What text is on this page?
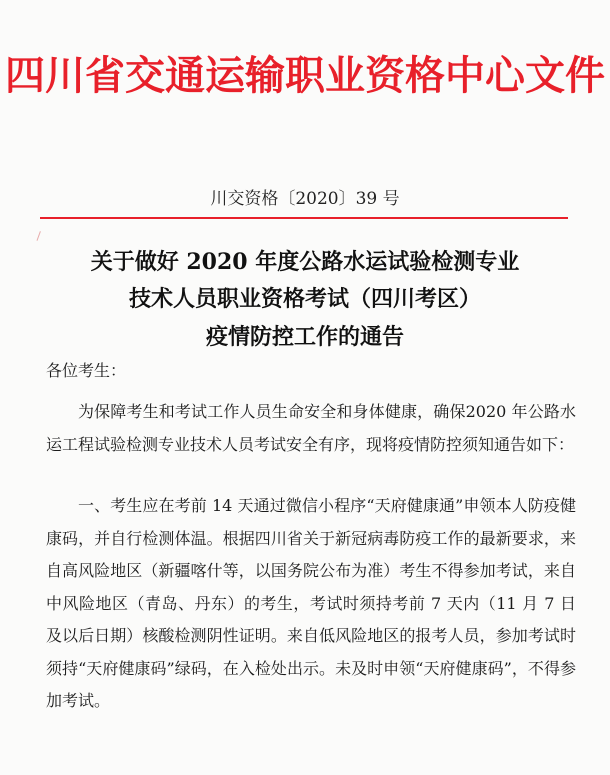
四川省交通运输职业资格中心文件
川交资格〔2020〕39 号
关于做好 2020 年度公路水运试验检测专业
技术人员职业资格考试（四川考区）
疫情防控工作的通告
各位考生：
为保障考生和考试工作人员生命安全和身体健康，确保2020 年公路水运工程试验检测专业技术人员考试安全有序，现将疫情防控须知通告如下：
一、考生应在考前 14 天通过微信小程序“天府健康通”申领本人防疫健康码，并自行检测体温。根据四川省关于新冠病毒防疫工作的最新要求，来自高风险地区（新疆喀什等，以国务院公布为准）考生不得参加考试，来自中风险地区（青岛、丹东）的考生，考试时须持考前 7 天内（11 月 7 日及以后日期）核酸检测阴性证明。来自低风险地区的报考人员，参加考试时须持“天府健康码”绿码，在入检处出示。未及时申领“天府健康码”，不得参加考试。
